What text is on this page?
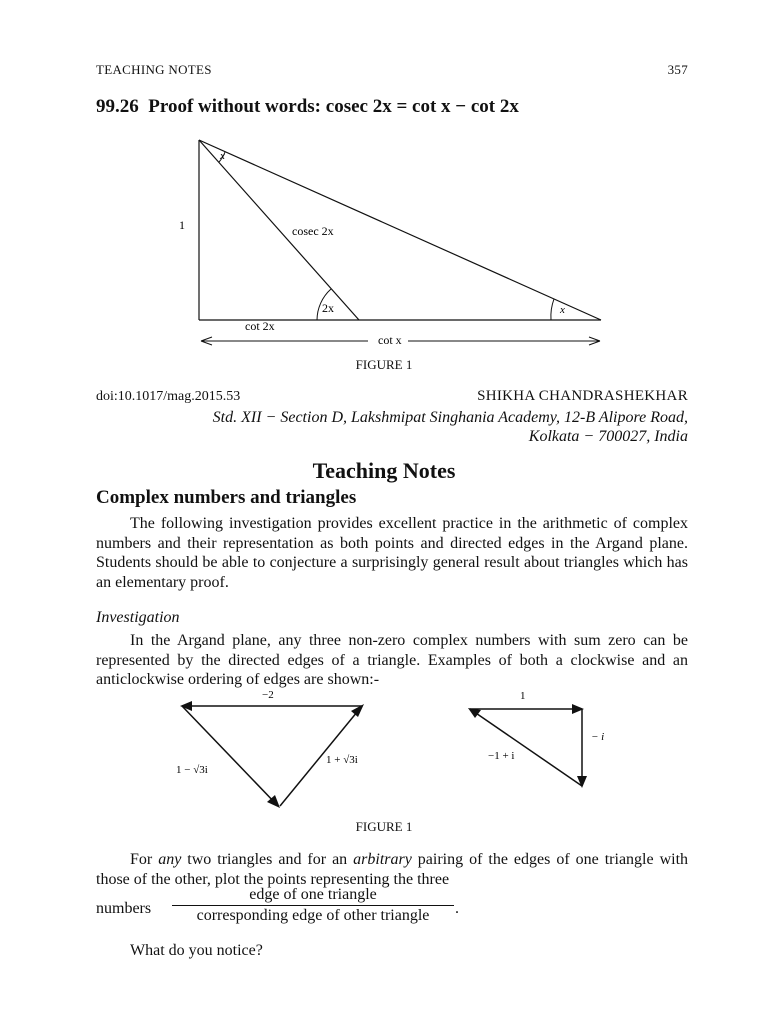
TEACHING NOTES	357
99.26 Proof without words: cosec 2x = cot x − cot 2x
x
1	cosec 2x
2x	x
cot 2x
cot x
FIGURE 1
doi:10.1017/mag.2015.53	SHIKHA CHANDRASHEKHAR
Std. XII − Section D, Lakshmipat Singhania Academy, 12-B Alipore Road,
Kolkata − 700027, India
Teaching Notes
Complex numbers and triangles
The following investigation provides excellent practice in the arithmetic of complex numbers and their representation as both points and directed edges in the Argand plane. Students should be able to conjecture a surprisingly general result about triangles which has an elementary proof.
Investigation
In the Argand plane, any three non-zero complex numbers with sum zero can be represented by the directed edges of a triangle. Examples of both a clockwise and an anticlockwise ordering of edges are shown:-
−2
1 − √3i
1 + √3i
1
− i
−1 + i
FIGURE 1
For any two triangles and for an arbitrary pairing of the edges of one triangle with those of the other, plot the points representing the three
numbers
edge of one triangle
corresponding edge of other triangle	.
What do you notice?
